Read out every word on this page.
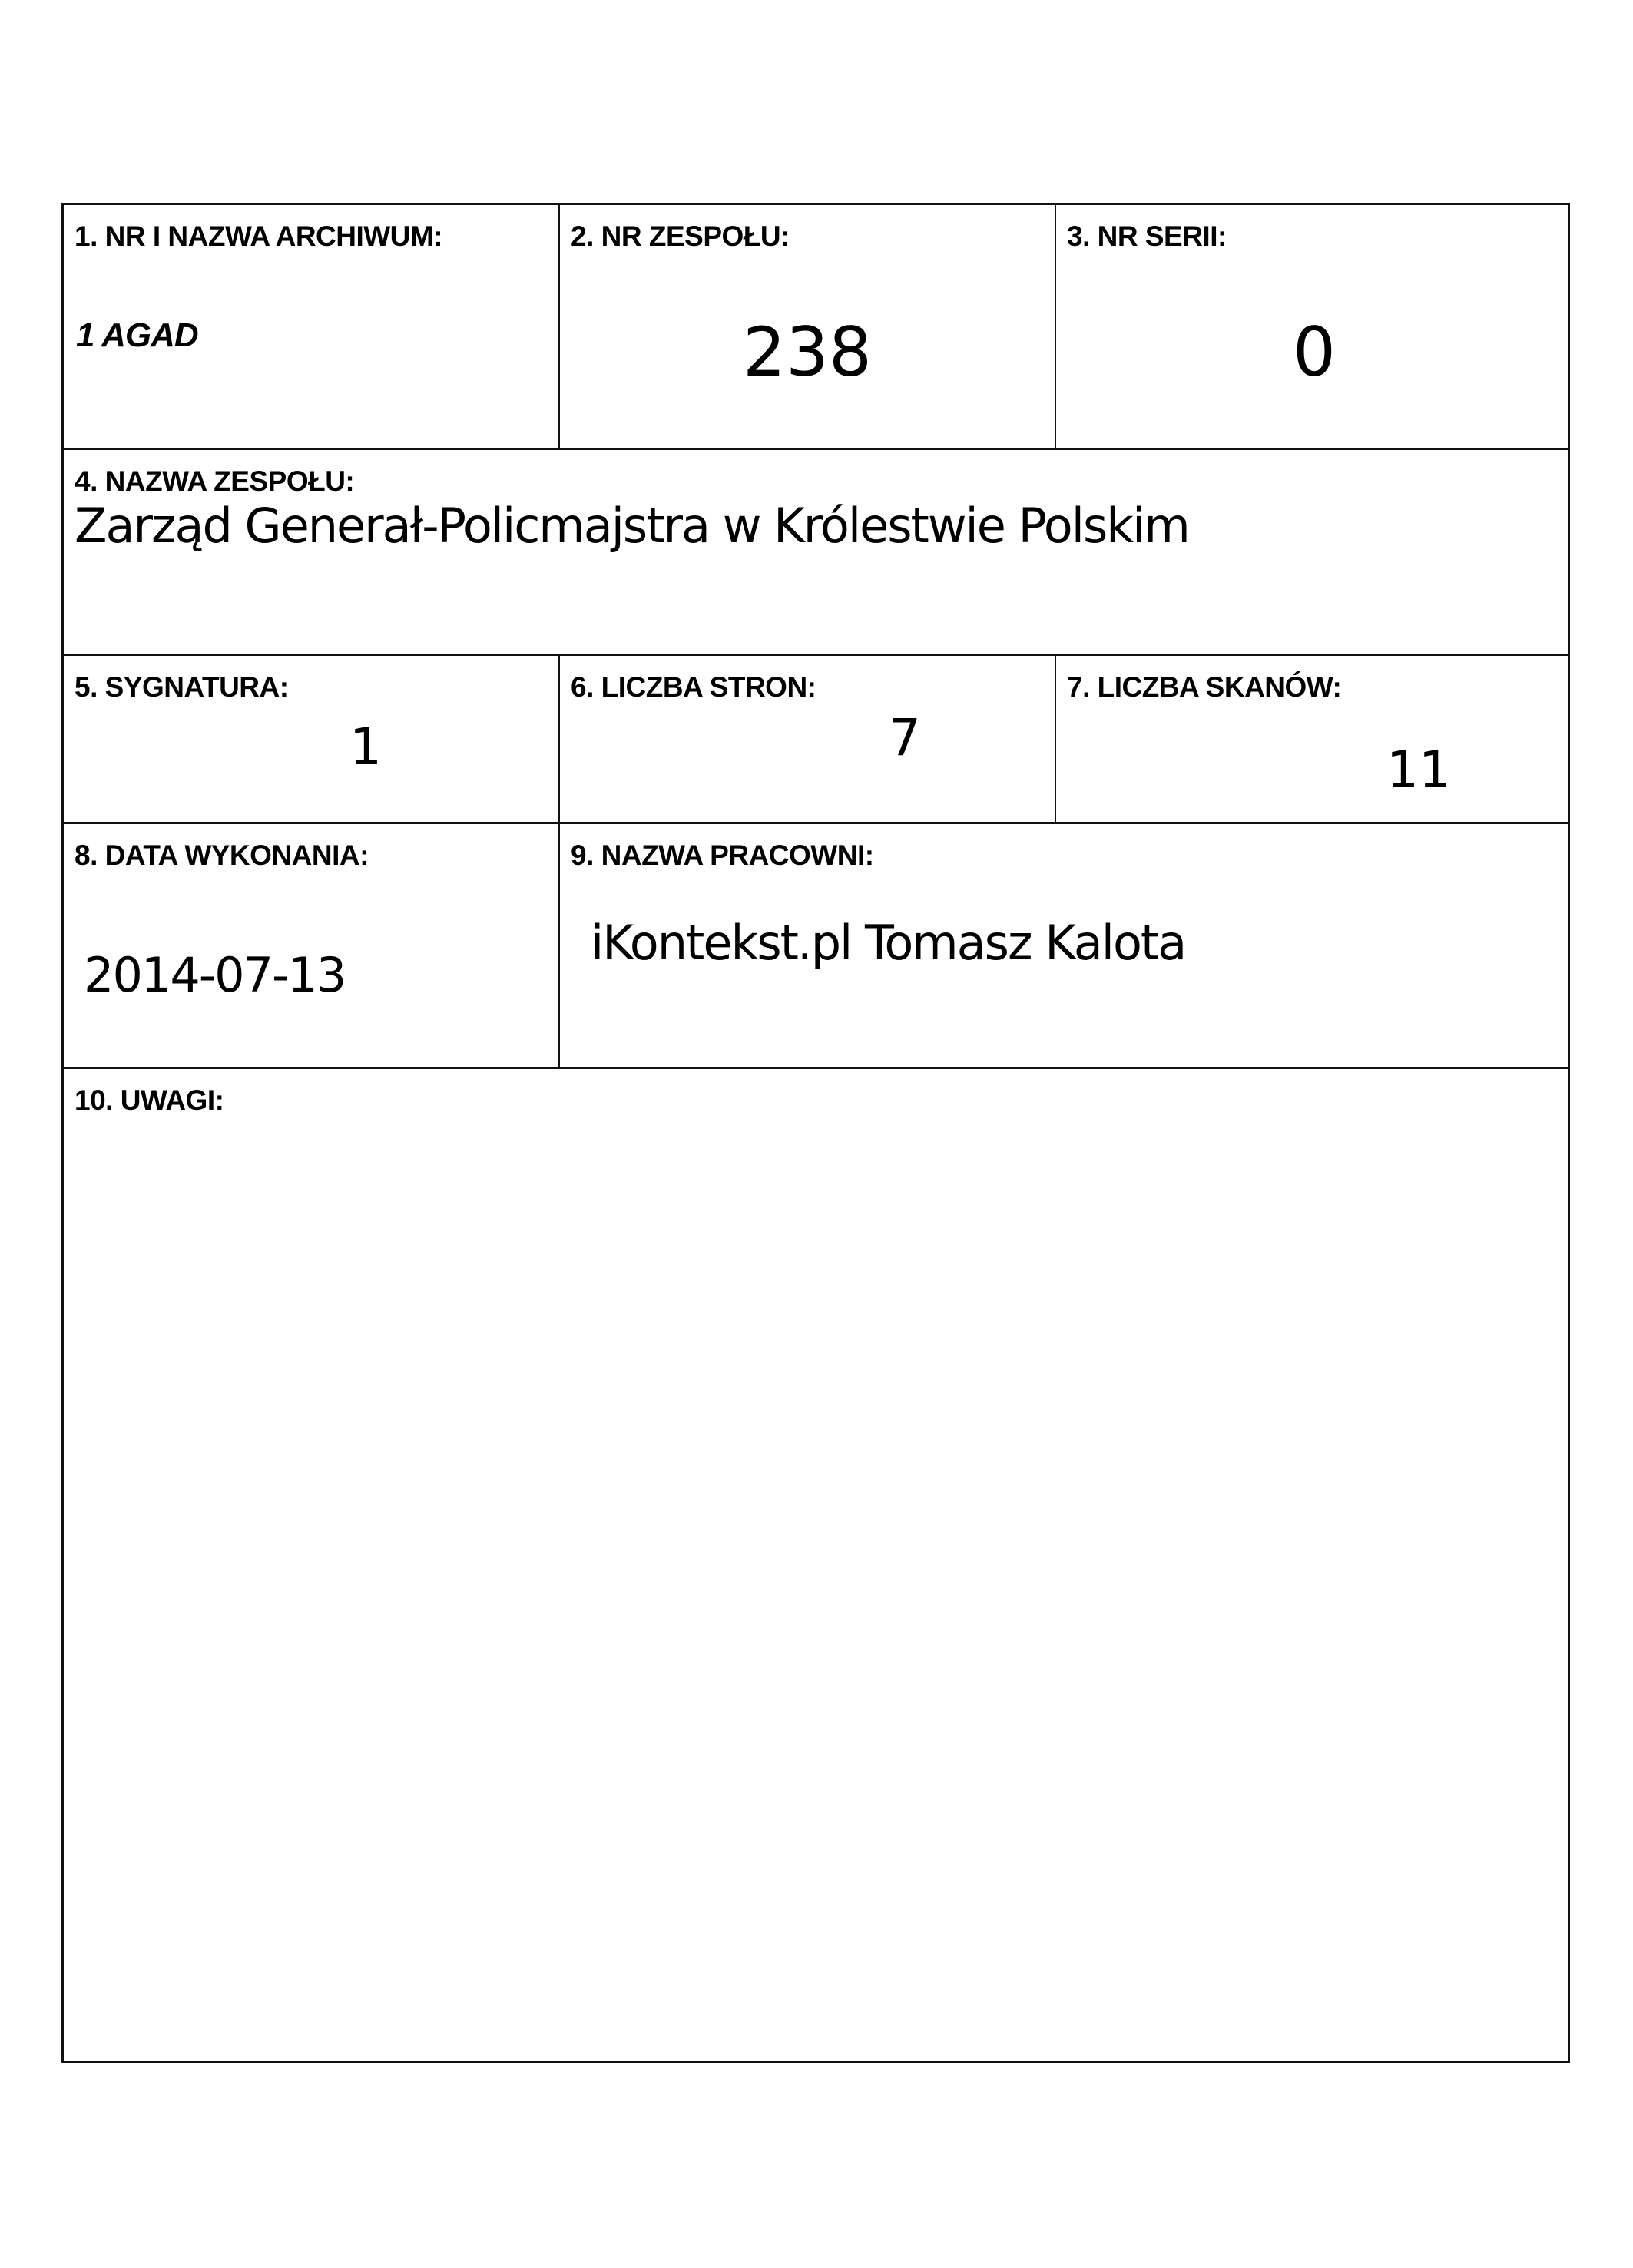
1. NR I NAZWA ARCHIWUM:
1 AGAD
2. NR ZESPOŁU:
238
3. NR SERII:
0
4. NAZWA ZESPOŁU:
Zarząd Generał-Policmajstra w Królestwie Polskim
5. SYGNATURA:
1
6. LICZBA STRON:
7
7. LICZBA SKANÓW:
11
8. DATA WYKONANIA:
2014-07-13
9. NAZWA PRACOWNI:
iKontekst.pl Tomasz Kalota
10. UWAGI:
